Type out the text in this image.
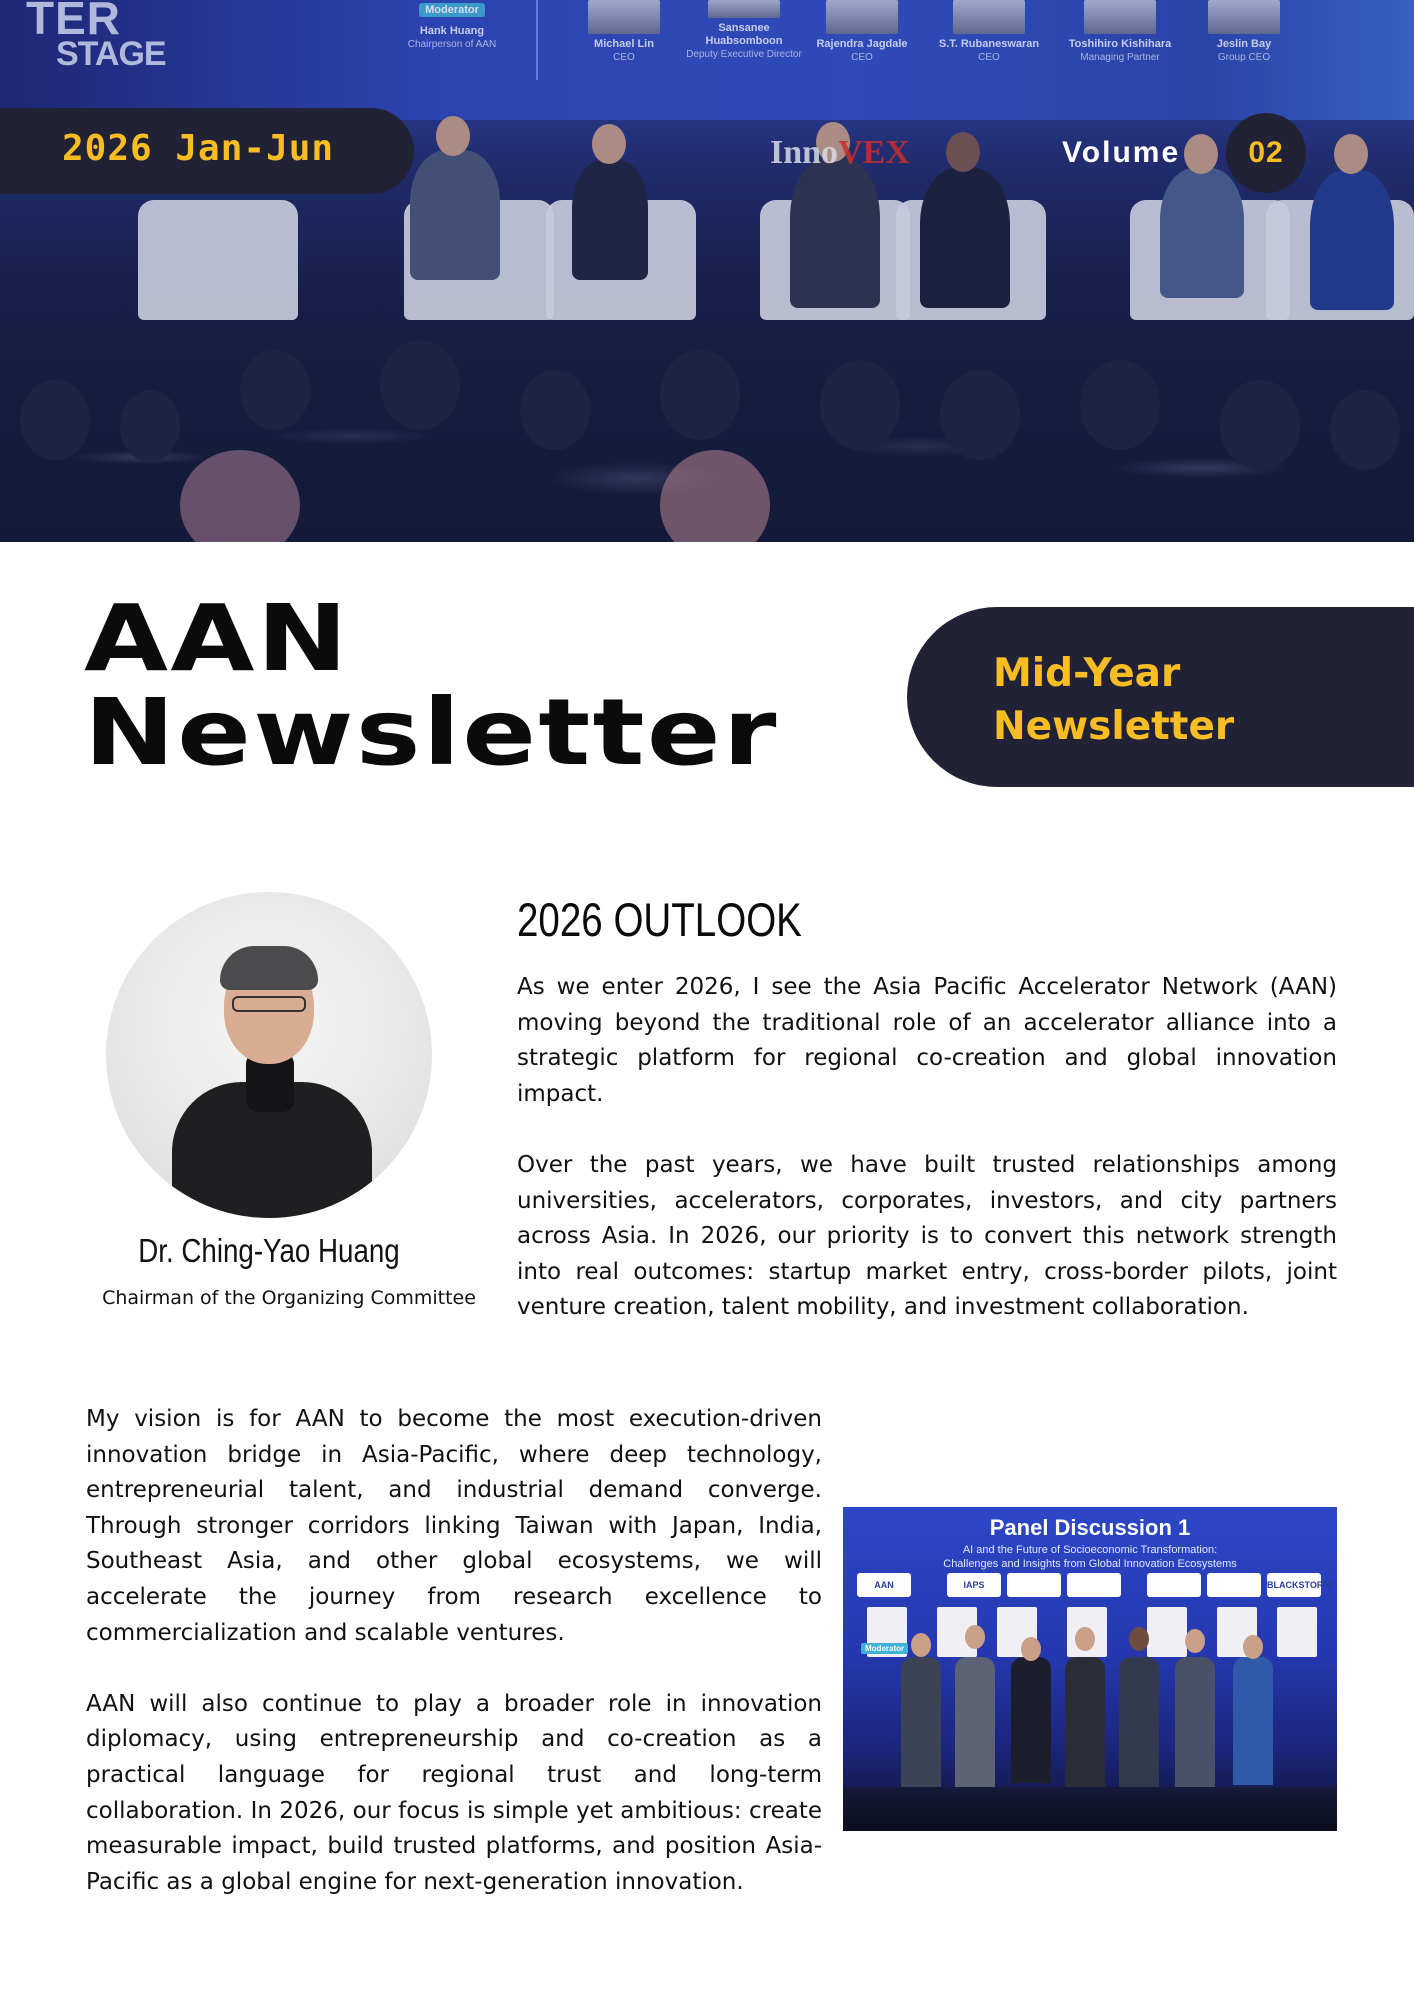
TER
STAGE
Moderator
Hank Huang
Chairperson of AAN	Michael Lin
CEO
Sansanee Huabsomboon
Deputy Executive Director
Rajendra Jagdale
CEO
S.T. Rubaneswaran
CEO
Toshihiro Kishihara
Managing Partner
Jeslin Bay
Group CEO
2026 Jan-Jun	InnoVEX	Volume	02
AAN
Newsletter
Mid-Year
Newsletter
Dr. Ching-Yao Huang
Chairman of the Organizing Committee
2026 OUTLOOK

As we enter 2026, I see the Asia Pacific Accelerator Network (AAN) moving beyond the traditional role of an accelerator alliance into a strategic platform for regional co-creation and global innovation impact.

Over the past years, we have built trusted relationships among universities, accelerators, corporates, investors, and city partners across Asia. In 2026, our priority is to convert this network strength into real outcomes: startup market entry, cross-border pilots, joint venture creation, talent mobility, and investment collaboration.

My vision is for AAN to become the most execution-driven innovation bridge in Asia-Pacific, where deep technology, entrepreneurial talent, and industrial demand converge. Through stronger corridors linking Taiwan with Japan, India, Southeast Asia, and other global ecosystems, we will accelerate the journey from research excellence to commercialization and scalable ventures.

AAN will also continue to play a broader role in innovation diplomacy, using entrepreneurship and co-creation as a practical language for regional trust and long-term collaboration. In 2026, our focus is simple yet ambitious: create measurable impact, build trusted platforms, and position Asia-Pacific as a global engine for next-generation innovation.

Panel Discussion 1
AI and the Future of Socioeconomic Transformation:
Challenges and Insights from Global Innovation Ecosystems
AAN	IAPS	BLACKSTORM
Moderator
